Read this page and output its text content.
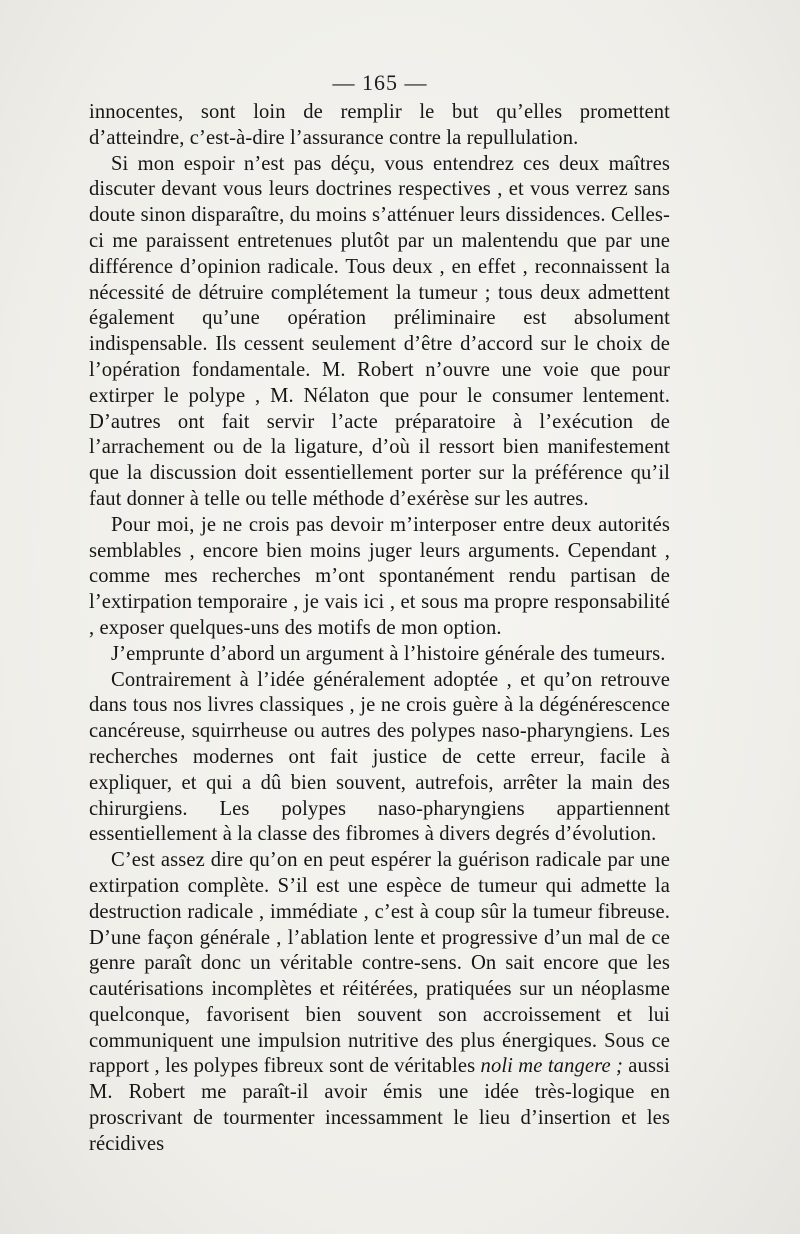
— 165 —

innocentes, sont loin de remplir le but qu’elles promettent d’atteindre, c’est-à-dire l’assurance contre la repullulation.

Si mon espoir n’est pas déçu, vous entendrez ces deux maîtres discuter devant vous leurs doctrines respectives , et vous verrez sans doute sinon disparaître, du moins s’atténuer leurs dissidences. Celles-ci me paraissent entretenues plutôt par un malentendu que par une différence d’opinion radicale. Tous deux , en effet , reconnaissent la nécessité de détruire complétement la tumeur ; tous deux admettent également qu’une opération préliminaire est absolument indispensable. Ils cessent seulement d’être d’accord sur le choix de l’opération fondamentale. M. Robert n’ouvre une voie que pour extirper le polype , M. Nélaton que pour le consumer lentement. D’autres ont fait servir l’acte préparatoire à l’exécution de l’arrachement ou de la ligature, d’où il ressort bien manifestement que la discussion doit essentiellement porter sur la préférence qu’il faut donner à telle ou telle méthode d’exérèse sur les autres.

Pour moi, je ne crois pas devoir m’interposer entre deux autorités semblables , encore bien moins juger leurs arguments. Cependant , comme mes recherches m’ont spontanément rendu partisan de l’extirpation temporaire , je vais ici , et sous ma propre responsabilité , exposer quelques-uns des motifs de mon option.

J’emprunte d’abord un argument à l’histoire générale des tumeurs.

Contrairement à l’idée généralement adoptée , et qu’on retrouve dans tous nos livres classiques , je ne crois guère à la dégénérescence cancéreuse, squirrheuse ou autres des polypes naso-pharyngiens. Les recherches modernes ont fait justice de cette erreur, facile à expliquer, et qui a dû bien souvent, autrefois, arrêter la main des chirurgiens. Les polypes naso-pharyngiens appartiennent essentiellement à la classe des fibromes à divers degrés d’évolution.

C’est assez dire qu’on en peut espérer la guérison radicale par une extirpation complète. S’il est une espèce de tumeur qui admette la destruction radicale , immédiate , c’est à coup sûr la tumeur fibreuse. D’une façon générale , l’ablation lente et progressive d’un mal de ce genre paraît donc un véritable contre-sens. On sait encore que les cautérisations incomplètes et réitérées, pratiquées sur un néoplasme quelconque, favorisent bien souvent son accroissement et lui communiquent une impulsion nutritive des plus énergiques. Sous ce rapport , les polypes fibreux sont de véritables noli me tangere ; aussi M. Robert me paraît-il avoir émis une idée très-logique en proscrivant de tourmenter incessamment le lieu d’insertion et les récidives
